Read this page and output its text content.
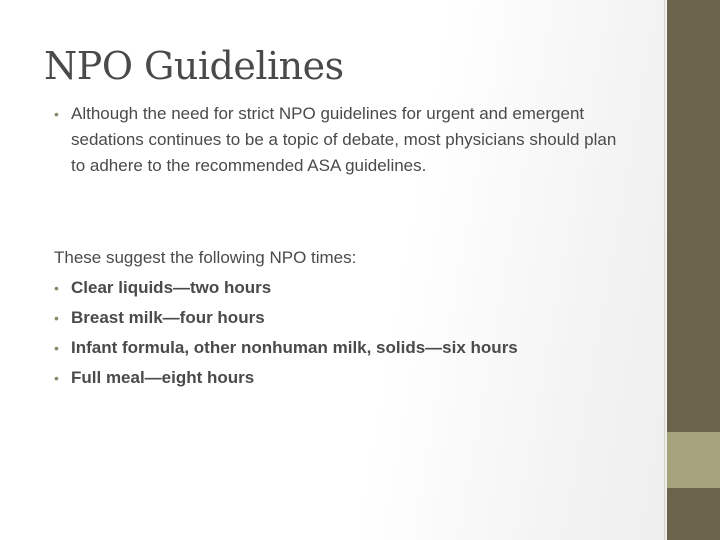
NPO Guidelines
• Although the need for strict NPO guidelines for urgent and emergent sedations continues to be a topic of debate, most physicians should plan to adhere to the recommended ASA guidelines.
These suggest the following NPO times:
• Clear liquids—two hours
• Breast milk—four hours
• Infant formula, other nonhuman milk, solids—six hours
• Full meal—eight hours
